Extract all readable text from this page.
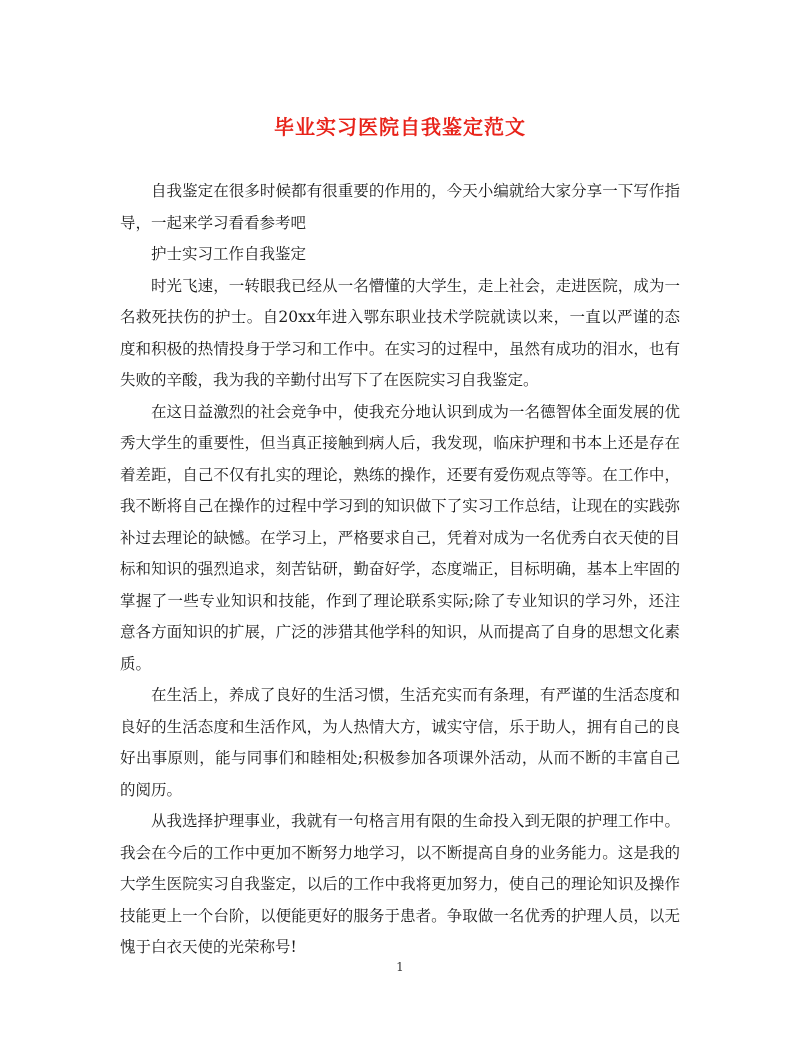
毕业实习医院自我鉴定范文

自我鉴定在很多时候都有很重要的作用的，今天小编就给大家分享一下写作指导，一起来学习看看参考吧

护士实习工作自我鉴定

时光飞速，一转眼我已经从一名懵懂的大学生，走上社会，走进医院，成为一名救死扶伤的护士。自20xx年进入鄂东职业技术学院就读以来，一直以严谨的态度和积极的热情投身于学习和工作中。在实习的过程中，虽然有成功的泪水，也有失败的辛酸，我为我的辛勤付出写下了在医院实习自我鉴定。

在这日益激烈的社会竞争中，使我充分地认识到成为一名德智体全面发展的优秀大学生的重要性，但当真正接触到病人后，我发现，临床护理和书本上还是存在着差距，自己不仅有扎实的理论，熟练的操作，还要有爱伤观点等等。在工作中，我不断将自己在操作的过程中学习到的知识做下了实习工作总结，让现在的实践弥补过去理论的缺憾。在学习上，严格要求自己，凭着对成为一名优秀白衣天使的目标和知识的强烈追求，刻苦钻研，勤奋好学，态度端正，目标明确，基本上牢固的掌握了一些专业知识和技能，作到了理论联系实际;除了专业知识的学习外，还注意各方面知识的扩展，广泛的涉猎其他学科的知识，从而提高了自身的思想文化素质。

在生活上，养成了良好的生活习惯，生活充实而有条理，有严谨的生活态度和良好的生活态度和生活作风，为人热情大方，诚实守信，乐于助人，拥有自己的良好出事原则，能与同事们和睦相处;积极参加各项课外活动，从而不断的丰富自己的阅历。

从我选择护理事业，我就有一句格言用有限的生命投入到无限的护理工作中。我会在今后的工作中更加不断努力地学习，以不断提高自身的业务能力。这是我的大学生医院实习自我鉴定，以后的工作中我将更加努力，使自己的理论知识及操作技能更上一个台阶，以便能更好的服务于患者。争取做一名优秀的护理人员，以无愧于白衣天使的光荣称号!

1
